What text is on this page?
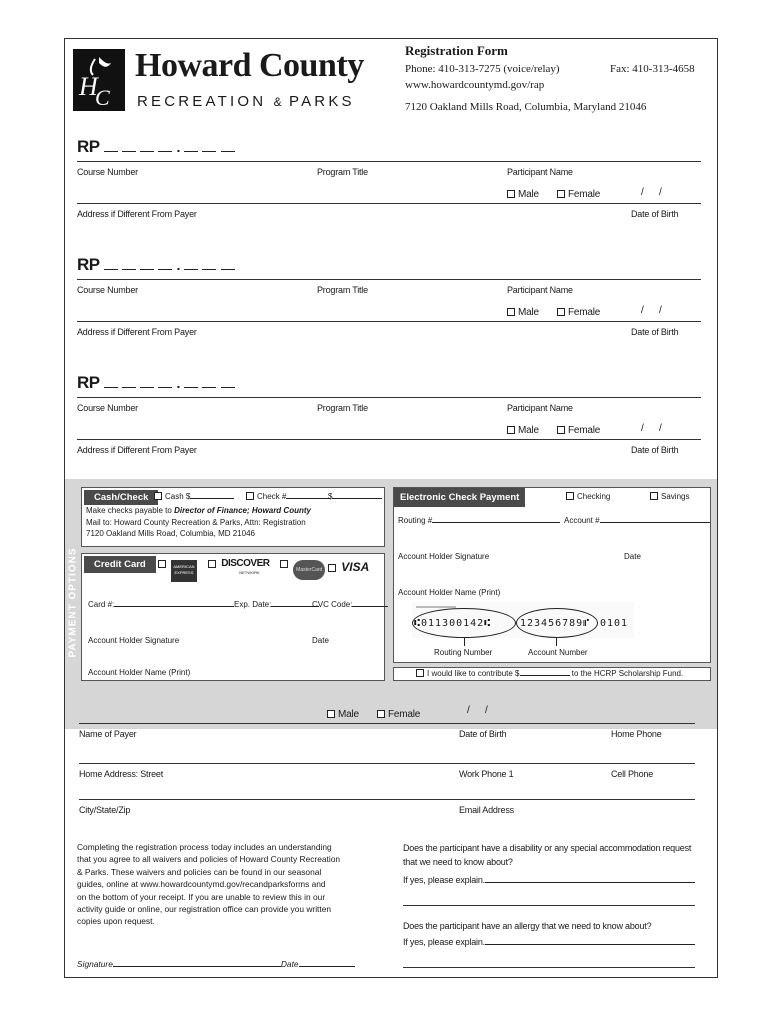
H
C
Howard County
RECREATION & PARKS
Registration Form
Phone: 410-313-7275 (voice/relay)	Fax: 410-313-4658
www.howardcountymd.gov/rap
7120 Oakland Mills Road, Columbia, Maryland 21046
RP	.
Course Number	Program Title	Participant Name
Male	Female	/      /
Address if Different From Payer	Date of Birth
RP	.
Course Number	Program Title	Participant Name
Male	Female	/      /
Address if Different From Payer	Date of Birth
RP	.
Course Number	Program Title	Participant Name
Male	Female	/      /
Address if Different From Payer	Date of Birth
PAYMENT OPTIONS
Cash/Check	Cash $	Check #	$
Make checks payable to Director of Finance; Howard County
Mail to: Howard County Recreation & Parks, Attn: Registration
7120 Oakland Mills Road, Columbia, MD 21046
Credit Card	AMERICAN EXPRESS
DISCOVER
NETWORK	MasterCard	VISA
Card #:	Exp. Date:	CVC Code:
Account Holder Signature	Date
Account Holder Name (Print)
Electronic Check Payment	Checking	Savings
Routing #	Account #
Account Holder Signature	Date
Account Holder Name (Print)
⑆011300142⑆	123456789⑈ 0101
Routing Number	Account Number
I would like to contribute $	to the HCRP Scholarship Fund.
Male	Female	/      /
Name of Payer	Date of Birth	Home Phone
Home Address: Street	Work Phone 1	Cell Phone
City/State/Zip	Email Address
Completing the registration process today includes an understanding
that you agree to all waivers and policies of Howard County Recreation
& Parks. These waivers and policies can be found in our seasonal
guides, online at www.howardcountymd.gov/recandparksforms and
on the bottom of your receipt. If you are unable to review this in our
activity guide or online, our registration office can provide you written
copies upon request.
Signature	Date
Does the participant have a disability or any special accommodation request
that we need to know about?
If yes, please explain.
Does the participant have an allergy that we need to know about?
If yes, please explain.
